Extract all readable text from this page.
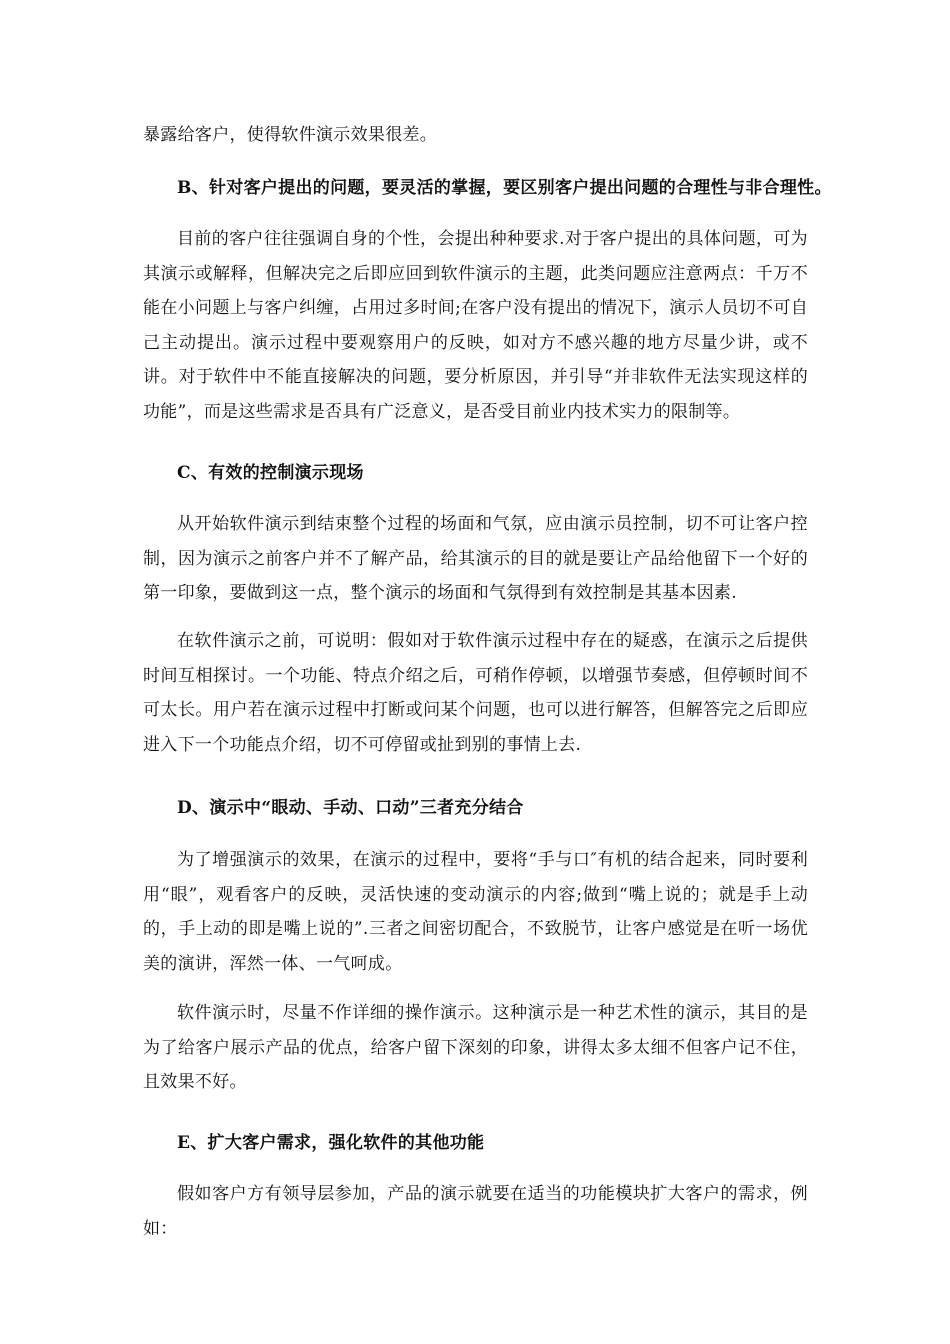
暴露给客户，使得软件演示效果很差。

B、针对客户提出的问题，要灵活的掌握，要区别客户提出问题的合理性与非合理性。

目前的客户往往强调自身的个性，会提出种种要求.对于客户提出的具体问题，可为其演示或解释，但解决完之后即应回到软件演示的主题，此类问题应注意两点：千万不能在小问题上与客户纠缠，占用过多时间;在客户没有提出的情况下，演示人员切不可自己主动提出。演示过程中要观察用户的反映，如对方不感兴趣的地方尽量少讲，或不讲。对于软件中不能直接解决的问题，要分析原因，并引导“并非软件无法实现这样的功能”，而是这些需求是否具有广泛意义，是否受目前业内技术实力的限制等。

C、有效的控制演示现场

从开始软件演示到结束整个过程的场面和气氛，应由演示员控制，切不可让客户控制，因为演示之前客户并不了解产品，给其演示的目的就是要让产品给他留下一个好的第一印象，要做到这一点，整个演示的场面和气氛得到有效控制是其基本因素.

在软件演示之前，可说明：假如对于软件演示过程中存在的疑惑，在演示之后提供时间互相探讨。一个功能、特点介绍之后，可稍作停顿，以增强节奏感，但停顿时间不可太长。用户若在演示过程中打断或问某个问题，也可以进行解答，但解答完之后即应进入下一个功能点介绍，切不可停留或扯到别的事情上去.

D、演示中“眼动、手动、口动”三者充分结合

为了增强演示的效果，在演示的过程中，要将“手与口″有机的结合起来，同时要利用“眼”，观看客户的反映，灵活快速的变动演示的内容;做到“嘴上说的；就是手上动的，手上动的即是嘴上说的”.三者之间密切配合，不致脱节，让客户感觉是在听一场优美的演讲，浑然一体、一气呵成。

软件演示时，尽量不作详细的操作演示。这种演示是一种艺术性的演示，其目的是为了给客户展示产品的优点，给客户留下深刻的印象，讲得太多太细不但客户记不住，且效果不好。

E、扩大客户需求，强化软件的其他功能

假如客户方有领导层参加，产品的演示就要在适当的功能模块扩大客户的需求，例如：
